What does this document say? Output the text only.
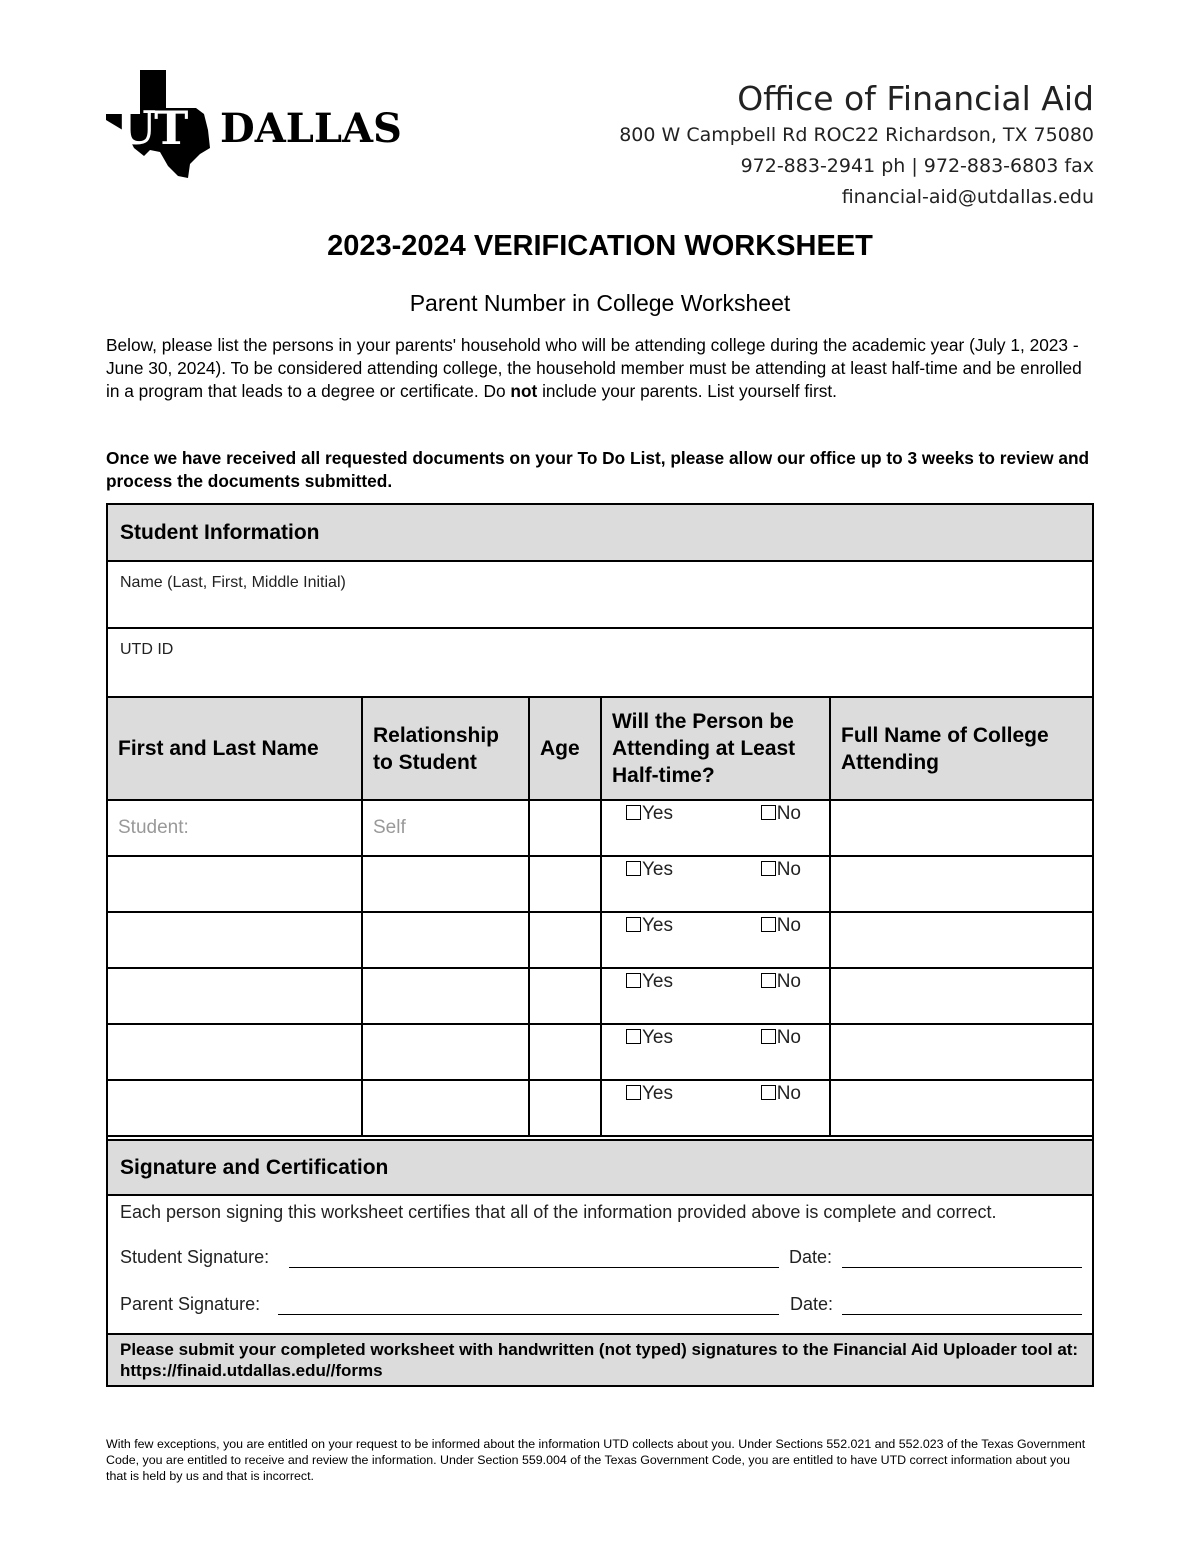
UT DALLAS
Office of Financial Aid
800 W Campbell Rd ROC22 Richardson, TX 75080
972-883-2941 ph | 972-883-6803 fax
financial-aid@utdallas.edu
2023-2024 VERIFICATION WORKSHEET
Parent Number in College Worksheet
Below, please list the persons in your parents' household who will be attending college during the academic year (July 1, 2023 - June 30, 2024). To be considered attending college, the household member must be attending at least half-time and be enrolled in a program that leads to a degree or certificate. Do not include your parents. List yourself first.
Once we have received all requested documents on your To Do List, please allow our office up to 3 weeks to review and process the documents submitted.
Student Information
Name (Last, First, Middle Initial)
UTD ID
First and Last Name	Relationship to Student	Age	Will the Person be Attending at Least Half-time?	Full Name of College Attending
Student:	Self		Yes No	

			Yes No	

			Yes No	

			Yes No	

			Yes No	

			Yes No	

Signature and Certification
Each person signing this worksheet certifies that all of the information provided above is complete and correct.
Student Signature:	Date:
Parent Signature:	Date:
Please submit your completed worksheet with handwritten (not typed) signatures to the Financial Aid Uploader tool at: https://finaid.utdallas.edu//forms
With few exceptions, you are entitled on your request to be informed about the information UTD collects about you. Under Sections 552.021 and 552.023 of the Texas Government Code, you are entitled to receive and review the information. Under Section 559.004 of the Texas Government Code, you are entitled to have UTD correct information about you that is held by us and that is incorrect.
